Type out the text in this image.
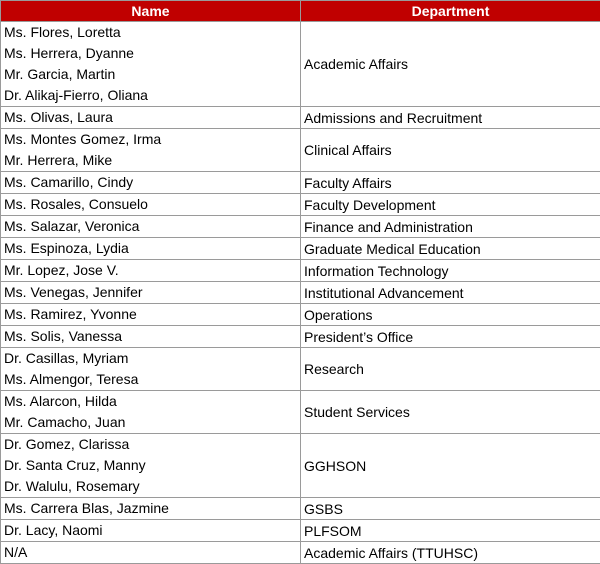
Name	Department

Ms. Flores, Loretta
Ms. Herrera, Dyanne
Mr. Garcia, Martin
Dr. Alikaj-Fierro, Oliana	Academic Affairs

Ms. Olivas, Laura	Admissions and Recruitment

Ms. Montes Gomez, Irma
Mr. Herrera, Mike	Clinical Affairs

Ms. Camarillo, Cindy	Faculty Affairs

Ms. Rosales, Consuelo	Faculty Development

Ms. Salazar, Veronica	Finance and Administration

Ms. Espinoza, Lydia	Graduate Medical Education

Mr. Lopez, Jose V.	Information Technology

Ms. Venegas, Jennifer	Institutional Advancement

Ms. Ramirez, Yvonne	Operations

Ms. Solis, Vanessa	President’s Office

Dr. Casillas, Myriam
Ms. Almengor, Teresa	Research

Ms. Alarcon, Hilda
Mr. Camacho, Juan	Student Services

Dr. Gomez, Clarissa
Dr. Santa Cruz, Manny
Dr. Walulu, Rosemary	GGHSON

Ms. Carrera Blas, Jazmine	GSBS

Dr. Lacy, Naomi	PLFSOM

N/A	Academic Affairs (TTUHSC)
